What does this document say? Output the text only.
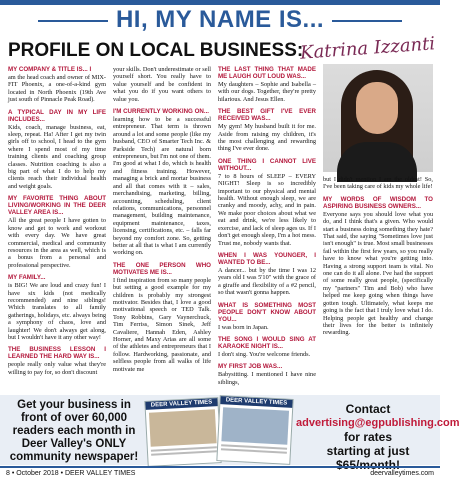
HI, MY NAME IS...
PROFILE ON LOCAL BUSINESS:
Katrina Izzanti
MY COMPANY & TITLE IS... I

am the head coach and owner of MIX-FIT Phoenix, a one-of-a-kind gym located in North Phoenix (19th Ave just south of Pinnacle Peak Road).

A TYPICAL DAY IN MY LIFE INCLUDES...

Kids, coach, manage business, eat, sleep, repeat. Ha! After I get my twin girls off to school, I head to the gym where I spend most of my time training clients and coaching group classes. Nutrition coaching is also a big part of what I do to help my clients reach their individual health and weight goals.

MY FAVORITE THING ABOUT LIVING/WORKING IN THE DEER VALLEY AREA IS...

All the great people I have gotten to know and get to work and workout with every day. We have great commercial, medical and community resources in the area as well, which is a bonus from a personal and professional perspective.

MY FAMILY...

is BIG! We are loud and crazy fun! I have six kids (not medically recommended) and nine siblings! Which translates to all family gatherings, holidays, etc. always being a symphony of chaos, love and laughter! We don't always get along, but I wouldn't have it any other way!

THE BUSINESS LESSON I LEARNED THE HARD WAY IS...

people really only value what they're willing to pay for, so don't discount

your skills. Don't underestimate or sell yourself short. You really have to value yourself and be confident in what you do if you want others to value you.

I'M CURRENTLY WORKING ON...

learning how to be a successful entrepreneur. That term is thrown around a lot and some people (like my husband, CEO of Smarter Tech Inc. & Parkside Tech) are natural born entrepreneurs, but I'm not one of them. I'm good at what I do, which is health and fitness training. However, managing a brick and mortar business and all that comes with it – sales, merchandising, marketing, billing, accounting, scheduling, client relations, communications, personnel management, building maintenance, equipment maintenance, taxes, licensing, certifications, etc. – falls far beyond my comfort zone. So, getting better at all that is what I am currently working on.

THE ONE PERSON WHO MOTIVATES ME IS...

I find inspiration from so many people but setting a good example for my children is probably my strongest motivator. Besides that, I love a good motivational speech or TED Talk. Tony Robbins, Gary Vaynerchuck, Tim Ferriss, Simon Sinek, Jeff Cavaliere, Hannah Eden, Ashley Horner, and Maxy Arias are all some of the athletes and entrepreneurs that I follow. Hardworking, passionate, and selfless people from all walks of life motivate me

THE LAST THING THAT MADE ME LAUGH OUT LOUD WAS...

My daughters – Sophie and Isabella – with our dogs. Together, they're pretty hilarious. And Jesus Ellen.

THE BEST GIFT I'VE EVER RECEIVED WAS...

My gym! My husband built it for me. Aside from raising my children, it's the most challenging and rewarding thing I've ever done.

ONE THING I CANNOT LIVE WITHOUT...

7 to 8 hours of SLEEP – EVERY NIGHT! Sleep is so incredibly important to our physical and mental health. Without enough sleep, we are cranky and moody, achy, and in pain. We make poor choices about what we eat and drink, we're less likely to exercise, and lack of sleep ages us. If I don't get enough sleep, I'm a hot mess. Trust me, nobody wants that.

WHEN I WAS YOUNGER, I WANTED TO BE...

A dancer... but by the time I was 12 years old I was 5'10" with the grace of a giraffe and flexibility of a #2 pencil, so that wasn't gonna happen.

WHAT IS SOMETHING MOST PEOPLE DON'T KNOW ABOUT YOU...

I was born in Japan.

THE SONG I WOULD SING AT KARAOKE NIGHT IS...

I don't sing. You're welcome friends.

MY FIRST JOB WAS...

Babysitting. I mentioned I have nine siblings,

but I didn't mention I am the oldest! So, I've been taking care of kids my whole life!

MY WORDS OF WISDOM TO ASPIRING BUSINESS OWNERS...

Everyone says you should love what you do, and I think that's a given. Who would start a business doing something they hate? That said, the saying "Sometimes love just isn't enough" is true. Most small businesses fail within the first few years, so you really have to know what you're getting into. Having a strong support team is vital. No one can do it all alone. I've had the support of some really great people, (specifically my "partners" Tim and Bob) who have helped me keep going when things have gotten tough. Ultimately, what keeps me going is the fact that I truly love what I do. Helping people get healthy and change their lives for the better is infinitely rewarding.

Get your business in front of over 60,000 readers each month in Deer Valley's ONLY community newspaper!
DEER VALLEY TIMES	DEER VALLEY TIMES	Contact
advertising@egpublishing.com
for rates
starting at just $65/month!
8 • October 2018 • DEER VALLEY TIMES	deervalleytimes.com
